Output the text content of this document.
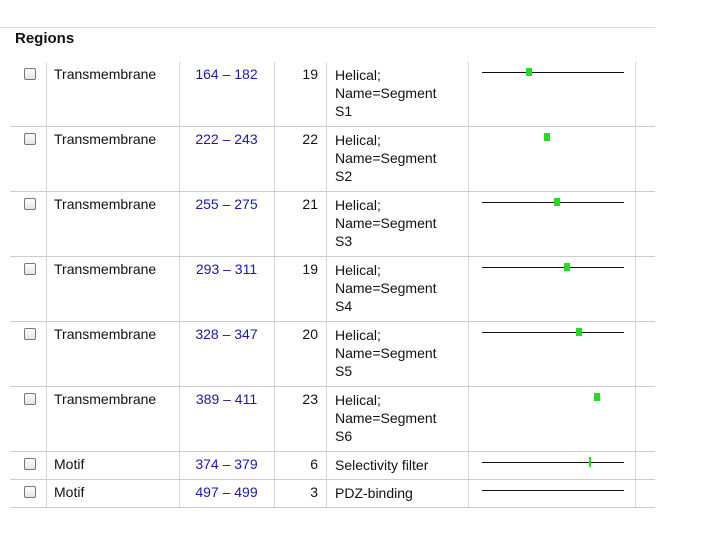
Regions
Transmembrane	164 – 182	19 Helical;
Name=Segment
S1
Transmembrane	222 – 243	22 Helical;
Name=Segment
S2
Transmembrane	255 – 275	21 Helical;
Name=Segment
S3
Transmembrane	293 – 311	19 Helical;
Name=Segment
S4
Transmembrane	328 – 347	20 Helical;
Name=Segment
S5
Transmembrane	389 – 411	23 Helical;
Name=Segment
S6
Motif	374 – 379	6 Selectivity filter
Motif	497 – 499	3 PDZ-binding
